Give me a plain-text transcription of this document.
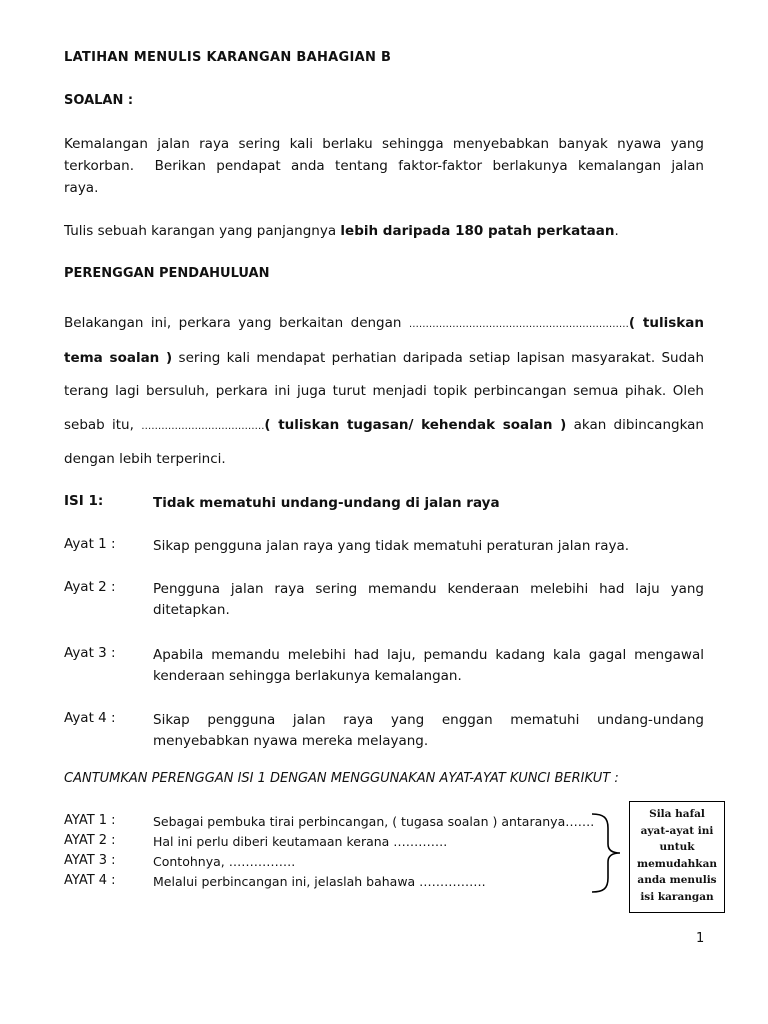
LATIHAN MENULIS KARANGAN BAHAGIAN B
SOALAN :
Kemalangan jalan raya sering kali berlaku sehingga menyebabkan banyak nyawa yang
terkorban.  Berikan pendapat anda tentang faktor-faktor berlakunya kemalangan jalan
raya.
Tulis sebuah karangan yang panjangnya lebih daripada 180 patah perkataan.
PERENGGAN PENDAHULUAN
Belakangan ini, perkara yang berkaitan dengan …………………………………………………………( tuliskan
tema soalan ) sering kali mendapat perhatian daripada setiap lapisan masyarakat. Sudah
terang lagi bersuluh, perkara ini juga turut menjadi topik perbincangan semua pihak. Oleh
sebab itu, ……………………………….( tuliskan tugasan/ kehendak soalan ) akan dibincangkan
dengan lebih terperinci.
ISI 1:	Tidak mematuhi undang-undang di jalan raya
Ayat 1 :	Sikap pengguna jalan raya yang tidak mematuhi peraturan jalan raya.
Ayat 2 :	Pengguna jalan raya sering memandu kenderaan melebihi had laju yang ditetapkan.
Ayat 3 :	Apabila memandu melebihi had laju, pemandu kadang kala gagal mengawal kenderaan sehingga berlakunya kemalangan.
Ayat 4 :	Sikap pengguna jalan raya yang enggan mematuhi undang-undang menyebabkan nyawa mereka melayang.
CANTUMKAN PERENGGAN ISI 1 DENGAN MENGGUNAKAN AYAT-AYAT KUNCI BERIKUT :
AYAT 1 :	Sebagai pembuka tirai perbincangan, ( tugasa soalan ) antaranya…….
AYAT 2 :	Hal ini perlu diberi keutamaan kerana ………….
AYAT 3 :	Contohnya, …………….
AYAT 4 :	Melalui perbincangan ini, jelaslah bahawa …………….
Sila hafal
ayat-ayat ini
untuk
memudahkan
anda menulis
isi karangan
1
